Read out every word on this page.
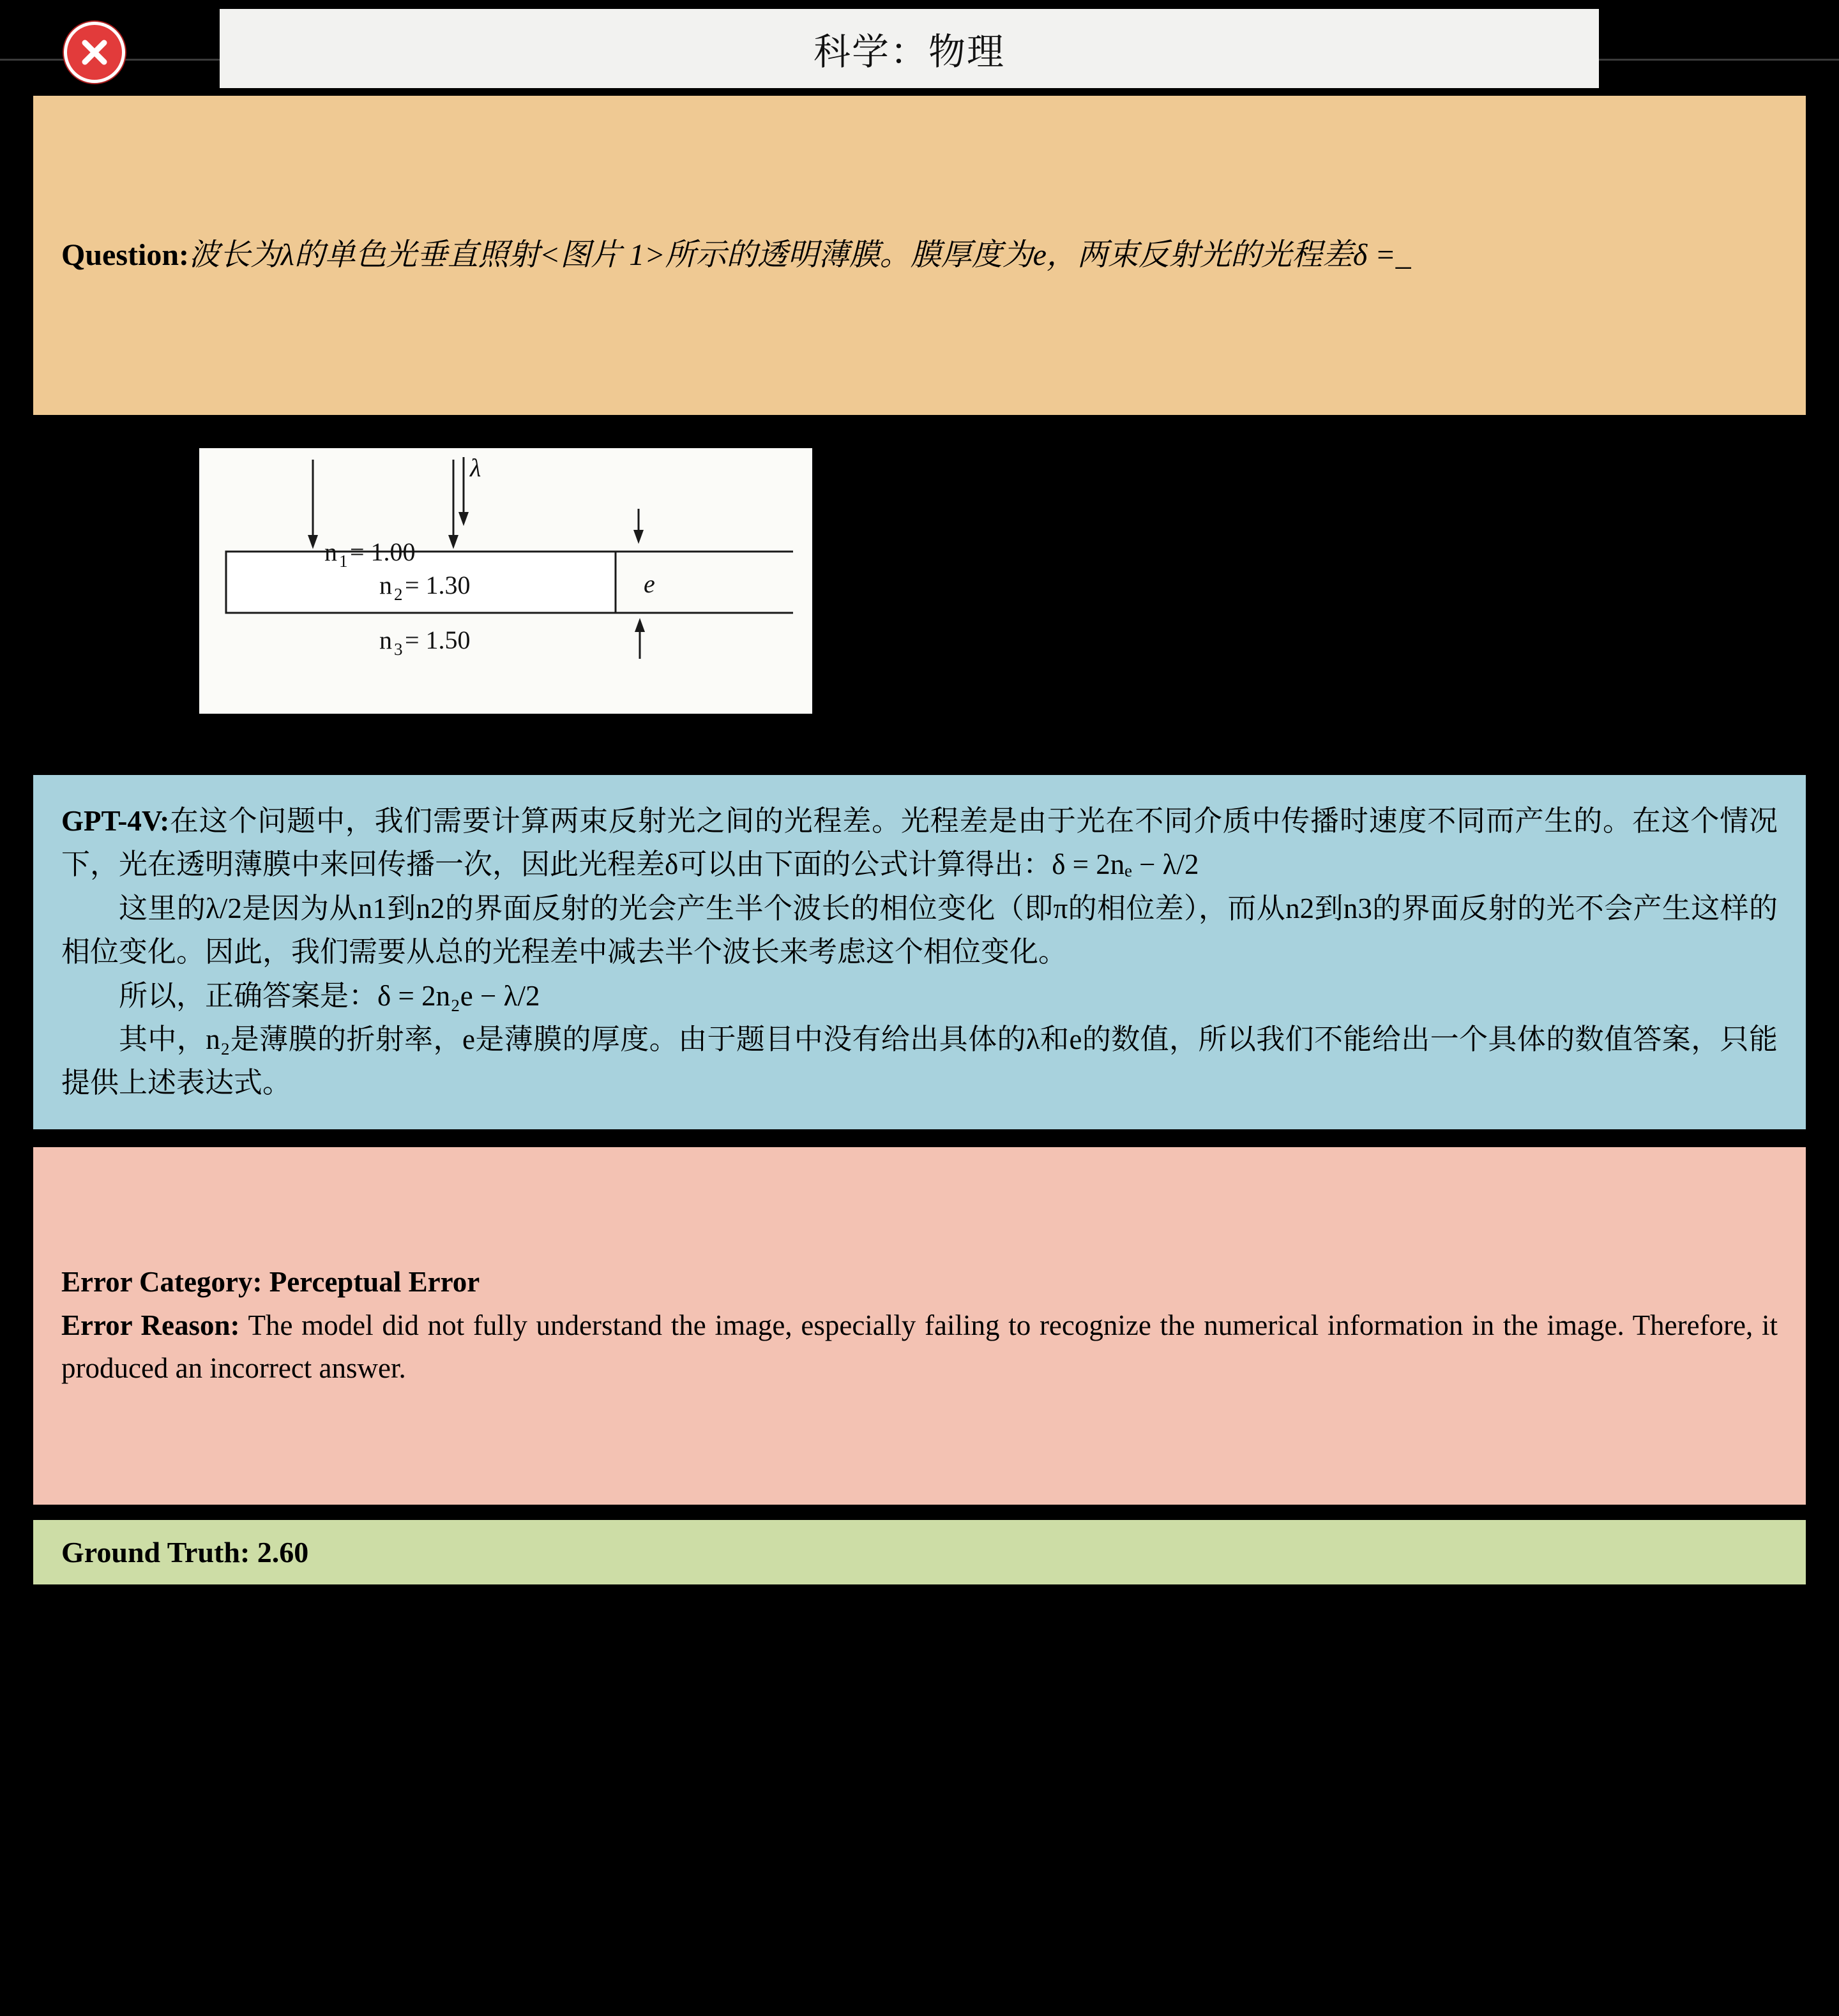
科学：物理
Question:波长为λ的单色光垂直照射<图片 1>所示的透明薄膜。膜厚度为e，两束反射光的光程差δ =_
λ
n 1 = 1.00
n 2 = 1.30
n 3 = 1.50
e

GPT-4V:在这个问题中，我们需要计算两束反射光之间的光程差。光程差是由于光在不同介质中传播时速度不同而产生的。在这个情况下，光在透明薄膜中来回传播一次，因此光程差δ可以由下面的公式计算得出：δ = 2nₑ − λ/2

这里的λ/2是因为从n1到n2的界面反射的光会产生半个波长的相位变化（即π的相位差），而从n2到n3的界面反射的光不会产生这样的相位变化。因此，我们需要从总的光程差中减去半个波长来考虑这个相位变化。

所以，正确答案是：δ = 2n₂e − λ/2

其中，n₂是薄膜的折射率，e是薄膜的厚度。由于题目中没有给出具体的λ和e的数值，所以我们不能给出一个具体的数值答案，只能提供上述表达式。

Error Category: Perceptual Error
Error Reason: The model did not fully understand the image, especially failing to recognize the numerical information in the image. Therefore, it produced an incorrect answer.
Ground Truth: 2.60
